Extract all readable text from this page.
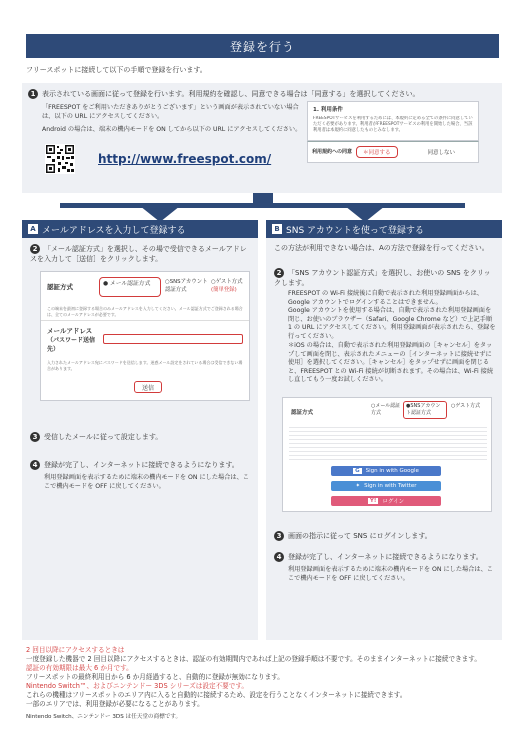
登録を行う
フリースポットに接続して以下の手順で登録を行います。
1 表示されている画面に従って登録を行います。利用規約を確認し、同意できる場合は「同意する」を選択してください。
「FREESPOT をご利用いただきありがとうございます」という画面が表示されていない場合は、以下の URL にアクセスしてください。
Android の場合は、端末の機内モードを ON してから以下の URL にアクセスしてください。
1. 利用条件
FREESPOTサービスを利用するためには、本規約に定める全ての条件に同意していただく必要があります。利用者がFREESPOTサービスの利用を開始した場合、当該利用者は本規約に同意したものとみなします。
利用規約への同意	＊同意する	同意しない
http://www.freespot.com/
A メールアドレスを入力して登録する
2 「メール認証方式」を選択し、その場で受信できるメールアドレスを入力して［送信］をクリックします。
認証方式	● メール認証方式	○SNSアカウント認証方式
○ゲスト方式
(簡単登録)
この端末を最初に登録する場合のみメールアドレスを入力してください。メール認証方式でご登録される場合は、全てのメールアドレスが必要です。
メールアドレス
（パスワード送信先）
入力されたメールアドレス宛にパスワードを送信します。迷惑メール設定をされている場合は受信できない場合があります。
送信
3 受信したメールに従って設定します。
4 登録が完了し、インターネットに接続できるようになります。
利用登録画面を表示するために端末の機内モードを ON にした場合は、ここで機内モードを OFF に戻してください。
B SNS アカウントを使って登録する
この方法が利用できない場合は、Aの方法で登録を行ってください。
2 「SNS アカウント認証方式」を選択し、お使いの SNS をクリックします。
FREESPOT の Wi-Fi 接続後に自動で表示された利用登録画面からは、Google アカウントでログインすることはできません。
Google アカウントを使用する場合は、自動で表示された利用登録画面を閉じ、お使いのブラウザー（Safari、Google Chrome など）で上記手順 1 の URL にアクセスしてください。利用登録画面が表示されたら、登録を行ってください。
＊iOS の場合は、自動で表示された利用登録画面の［キャンセル］をタップして画面を閉じ、表示されたメニューの［インターネットに接続せずに使用］を選択してください。［キャンセル］をタップせずに画面を閉じると、FREESPOT との Wi-Fi 接続が切断されます。その場合は、Wi-Fi 接続し直してもう一度お試しください。
認証方式
○メール認証方式
●SNSアカウント認証方式
○ゲスト方式
G	Sign in with Google
✦ Sign in with Twitter
Y!	ログイン
3 画面の指示に従って SNS にログインします。
4 登録が完了し、インターネットに接続できるようになります。
利用登録画面を表示するために端末の機内モードを ON にした場合は、ここで機内モードを OFF に戻してください。
2 回目以降にアクセスするときは
一度登録した機器で 2 回目以降にアクセスするときは、認証の有効期間内であれば上記の登録手順は不要です。そのままインターネットに接続できます。
認証の有効期限は最大 6 か月です。
フリースポットの最終利用日から 6 か月経過すると、自動的に登録が無効になります。
Nintendo Switch™、およびニンテンドー 3DS シリーズは設定不要です。
これらの機種はフリースポットのエリア内に入ると自動的に接続するため、設定を行うことなくインターネットに接続できます。
一部のエリアでは、利用登録が必要になることがあります。
Nintendo Switch、ニンテンドー 3DS は任天堂の商標です。
